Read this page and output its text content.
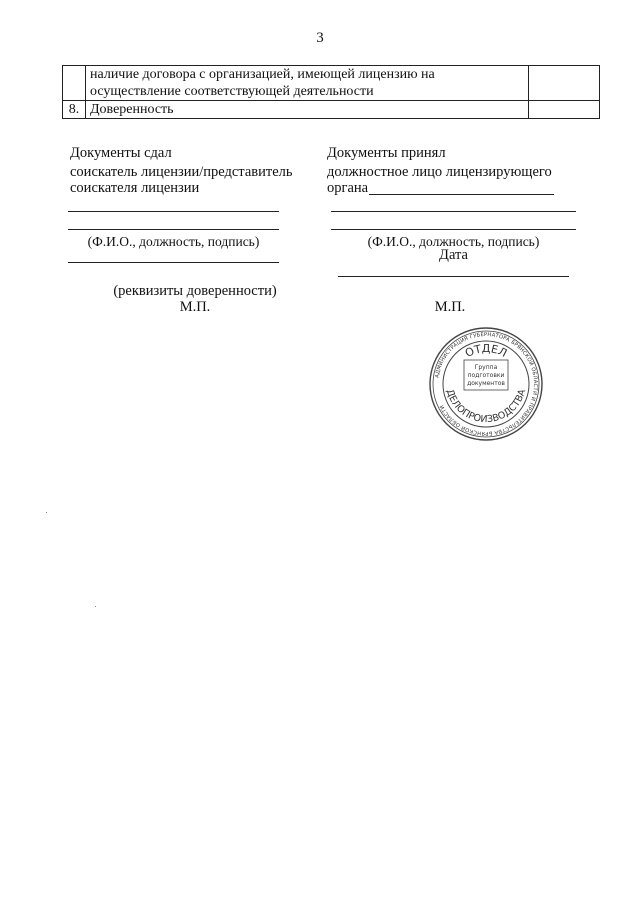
3

	наличие договора с организацией, имеющей лицензию на
осуществление соответствующей деятельности	

8.	Доверенность	
Документы сдал
соискатель лицензии/представитель
соискателя лицензии
(Ф.И.О., должность, подпись)
(реквизиты доверенности)
М.П.
Документы принял
должностное лицо лицензирующего
органа
(Ф.И.О., должность, подпись)
Дата
М.П.
АДМИНИСТРАЦИЯ ГУБЕРНАТОРА БРЯНСКОЙ ОБЛАСТИ И ПРАВИТЕЛЬСТВА БРЯНСКОЙ ОБЛАСТИ
ОТДЕЛ
ДЕЛОПРОИЗВОДСТВА
Группа
подготовки
документов
